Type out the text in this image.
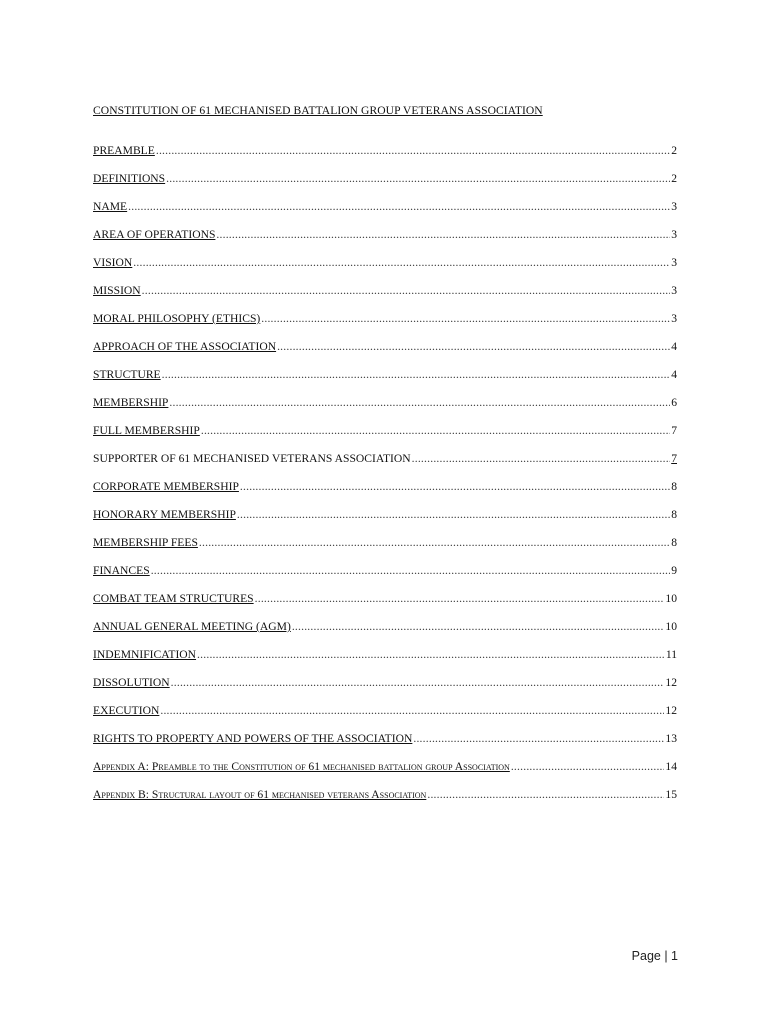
CONSTITUTION OF 61 MECHANISED BATTALION GROUP VETERANS ASSOCIATION
PREAMBLE .....	2
DEFINITIONS .....	2
NAME .....	3
AREA OF OPERATIONS .....	3
VISION .....	3
MISSION .....	3
MORAL PHILOSOPHY (ETHICS) .....	3
APPROACH OF THE ASSOCIATION .....	4
STRUCTURE .....	4
MEMBERSHIP .....	6
FULL MEMBERSHIP .....	7
SUPPORTER OF 61 MECHANISED VETERANS ASSOCIATION .....	7
CORPORATE MEMBERSHIP .....	8
HONORARY MEMBERSHIP .....	8
MEMBERSHIP FEES .....	8
FINANCES .....	9
COMBAT TEAM STRUCTURES .....	10
ANNUAL GENERAL MEETING (AGM) .....	10
INDEMNIFICATION .....	11
DISSOLUTION .....	12
EXECUTION .....	12
RIGHTS TO PROPERTY AND POWERS OF THE ASSOCIATION .....	13
Appendix A: Preamble to the Constitution of 61 mechanised battalion group Association .....	14
Appendix B: Structural layout of 61 mechanised veterans Association .....	15
Page | 1
